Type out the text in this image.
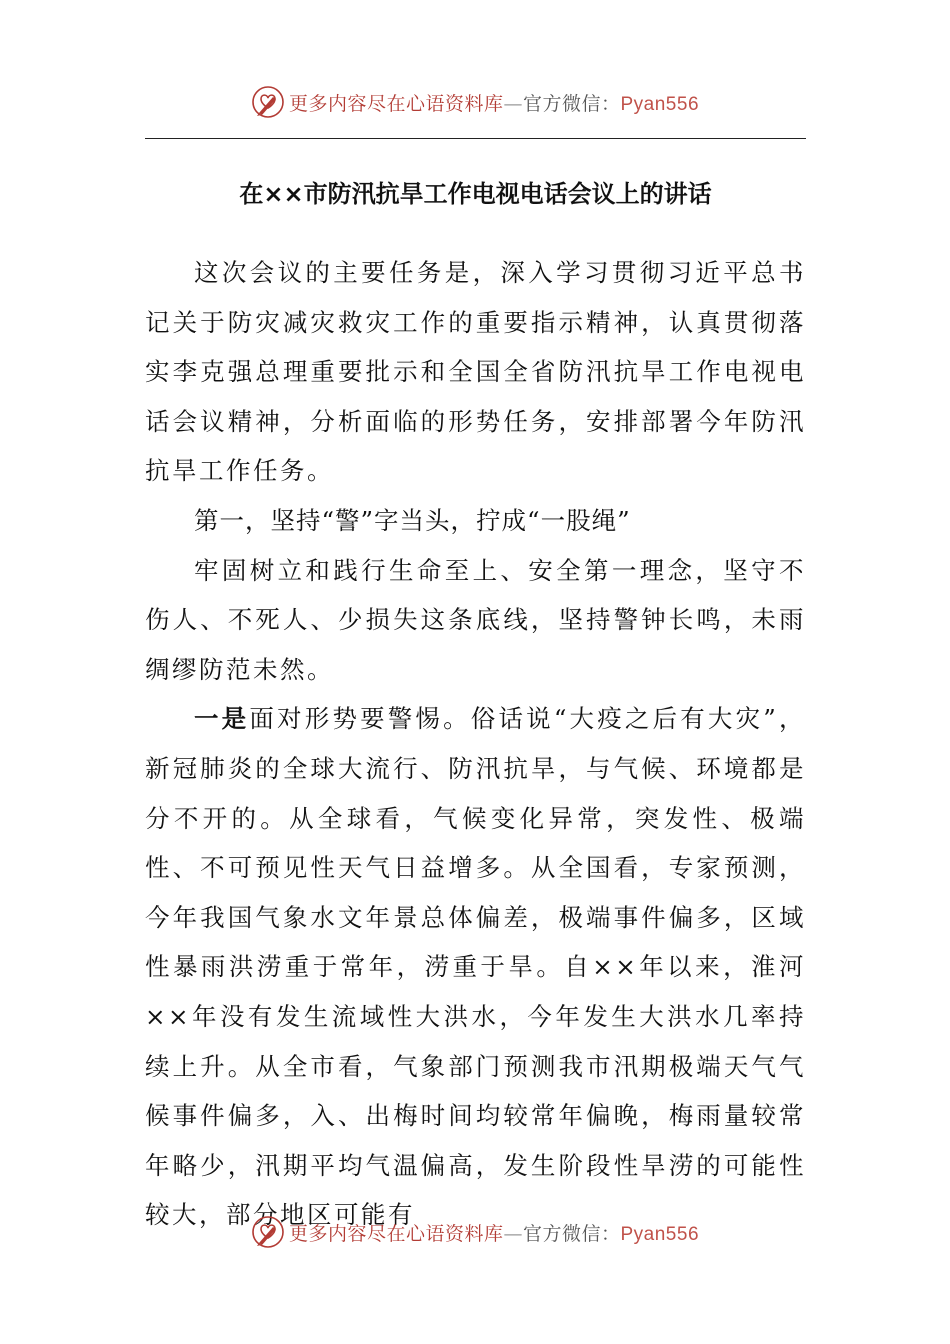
更多内容尽在心语资料库—官方微信：Pyan556
在××市防汛抗旱工作电视电话会议上的讲话

这次会议的主要任务是，深入学习贯彻习近平总书记关于防灾减灾救灾工作的重要指示精神，认真贯彻落实李克强总理重要批示和全国全省防汛抗旱工作电视电话会议精神，分析面临的形势任务，安排部署今年防汛抗旱工作任务。

第一，坚持“警”字当头，拧成“一股绳”

牢固树立和践行生命至上、安全第一理念，坚守不伤人、不死人、少损失这条底线，坚持警钟长鸣，未雨绸缪防范未然。

一是面对形势要警惕。俗话说“大疫之后有大灾”，新冠肺炎的全球大流行、防汛抗旱，与气候、环境都是分不开的。从全球看，气候变化异常，突发性、极端性、不可预见性天气日益增多。从全国看，专家预测，今年我国气象水文年景总体偏差，极端事件偏多，区域性暴雨洪涝重于常年，涝重于旱。自××年以来，淮河××年没有发生流域性大洪水，今年发生大洪水几率持续上升。从全市看，气象部门预测我市汛期极端天气气候事件偏多，入、出梅时间均较常年偏晚，梅雨量较常年略少，汛期平均气温偏高，发生阶段性旱涝的可能性较大，部分地区可能有

更多内容尽在心语资料库—官方微信：Pyan556
